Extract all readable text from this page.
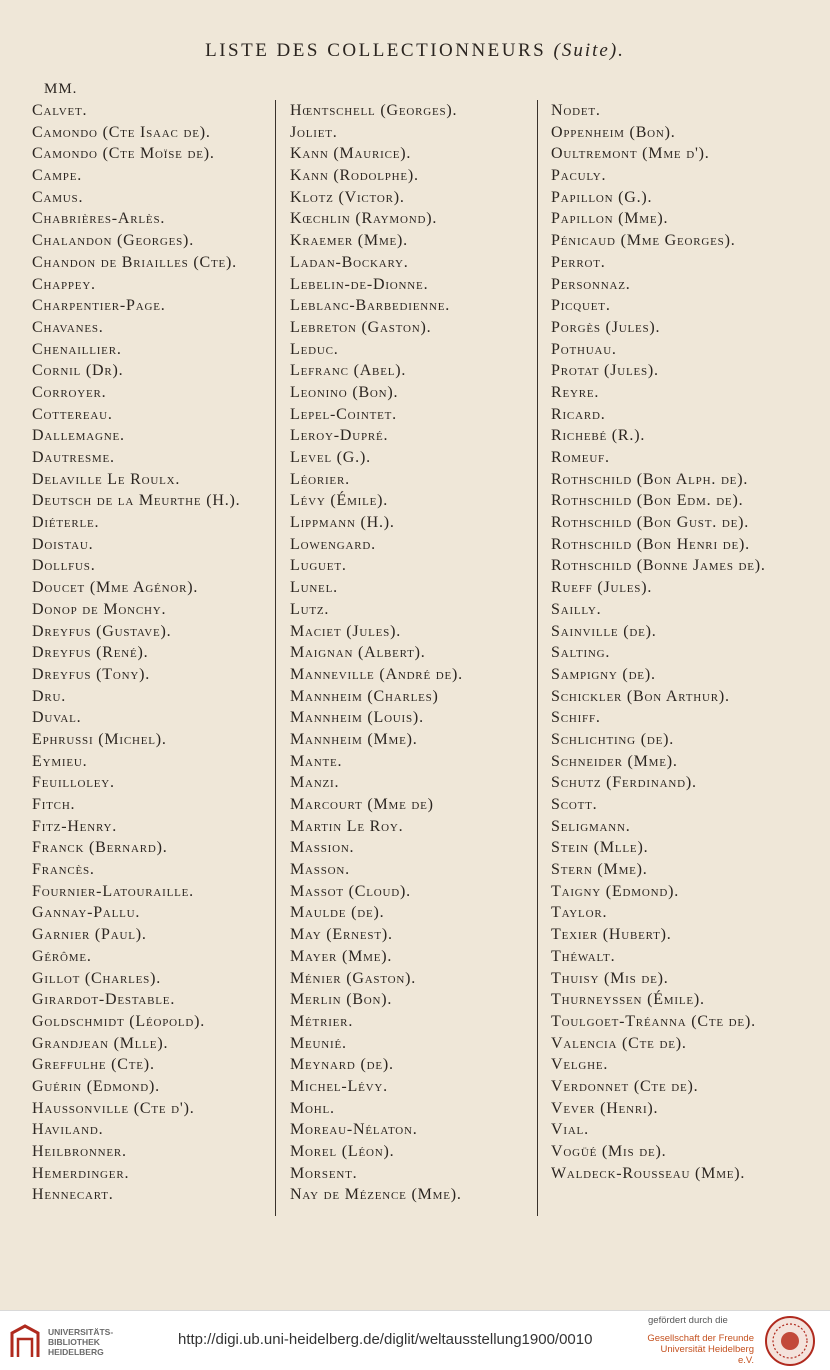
LISTE DES COLLECTIONNEURS (Suite).
MM.
Calvet.
Camondo (Cte Isaac de).
Camondo (Cte Moïse de).
Campe.
Camus.
Chabrières-Arlès.
Chalandon (Georges).
Chandon de Briailles (Cte).
Chappey.
Charpentier-Page.
Chavanes.
Chenaillier.
Cornil (Dr).
Corroyer.
Cottereau.
Dallemagne.
Dautresme.
Delaville Le Roulx.
Deutsch de la Meurthe (H.).
Diéterle.
Doistau.
Dollfus.
Doucet (Mme Agénor).
Donop de Monchy.
Dreyfus (Gustave).
Dreyfus (René).
Dreyfus (Tony).
Dru.
Duval.
Ephrussi (Michel).
Eymieu.
Feuilloley.
Fitch.
Fitz-Henry.
Franck (Bernard).
Francès.
Fournier-Latouraille.
Gannay-Pallu.
Garnier (Paul).
Gérôme.
Gillot (Charles).
Girardot-Destable.
Goldschmidt (Léopold).
Grandjean (Mlle).
Greffulhe (Cte).
Guérin (Edmond).
Haussonville (Cte d').
Haviland.
Heilbronner.
Hemerdinger.
Hennecart.
Hœntschell (Georges).
Joliet.
Kann (Maurice).
Kann (Rodolphe).
Klotz (Victor).
Kœchlin (Raymond).
Kraemer (Mme).
Ladan-Bockary.
Lebelin-de-Dionne.
Leblanc-Barbedienne.
Lebreton (Gaston).
Leduc.
Lefranc (Abel).
Leonino (Bon).
Lepel-Cointet.
Leroy-Dupré.
Level (G.).
Léorier.
Lévy (Émile).
Lippmann (H.).
Lowengard.
Luguet.
Lunel.
Lutz.
Maciet (Jules).
Maignan (Albert).
Manneville (André de).
Mannheim (Charles)
Mannheim (Louis).
Mannheim (Mme).
Mante.
Manzi.
Marcourt (Mme de)
Martin Le Roy.
Massion.
Masson.
Massot (Cloud).
Maulde (de).
May (Ernest).
Mayer (Mme).
Ménier (Gaston).
Merlin (Bon).
Métrier.
Meunié.
Meynard (de).
Michel-Lévy.
Mohl.
Moreau-Nélaton.
Morel (Léon).
Morsent.
Nay de Mézence (Mme).
Nodet.
Oppenheim (Bon).
Oultremont (Mme d').
Paculy.
Papillon (G.).
Papillon (Mme).
Pénicaud (Mme Georges).
Perrot.
Personnaz.
Picquet.
Porgès (Jules).
Pothuau.
Protat (Jules).
Reyre.
Ricard.
Richebé (R.).
Romeuf.
Rothschild (Bon Alph. de).
Rothschild (Bon Edm. de).
Rothschild (Bon Gust. de).
Rothschild (Bon Henri de).
Rothschild (Bonne James de).
Rueff (Jules).
Sailly.
Sainville (de).
Salting.
Sampigny (de).
Schickler (Bon Arthur).
Schiff.
Schlichting (de).
Schneider (Mme).
Schutz (Ferdinand).
Scott.
Seligmann.
Stein (Mlle).
Stern (Mme).
Taigny (Edmond).
Taylor.
Texier (Hubert).
Théwalt.
Thuisy (Mis de).
Thurneyssen (Émile).
Toulgoet-Tréanna (Cte de).
Valencia (Cte de).
Velghe.
Verdonnet (Cte de).
Vever (Henri).
Vial.
Vogüé (Mis de).
Waldeck-Rousseau (Mme).
UNIVERSITÄTS-
BIBLIOTHEK
HEIDELBERG
http://digi.ub.uni-heidelberg.de/diglit/weltausstellung1900/0010
gefördert durch die
Gesellschaft der Freunde
Universität Heidelberg e.V.
